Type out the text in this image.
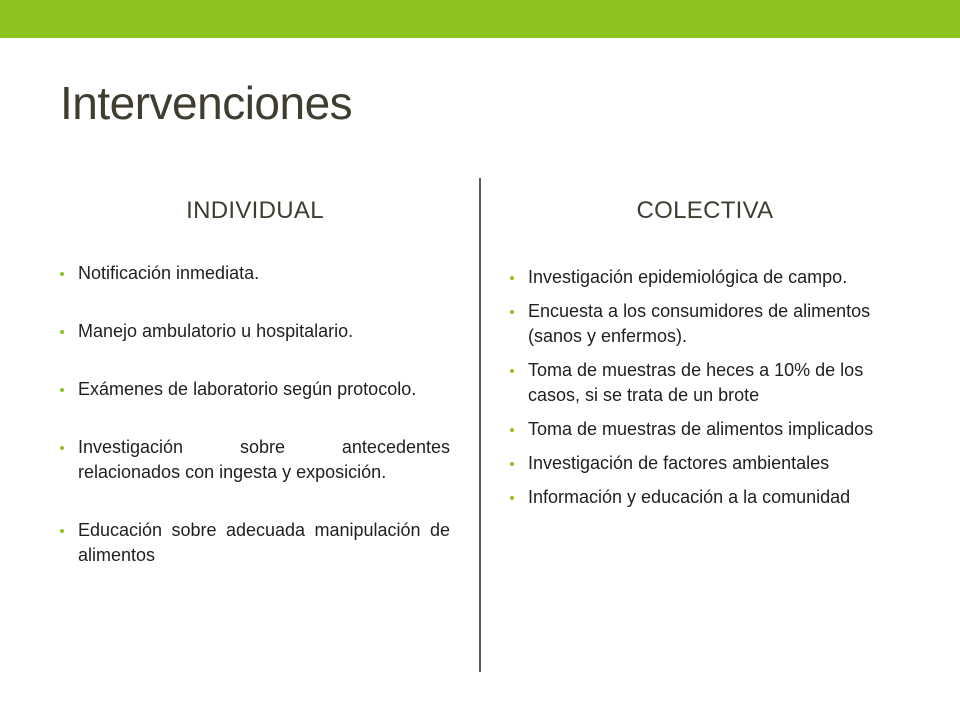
Intervenciones
INDIVIDUAL	COLECTIVA
Notificación inmediata.
Manejo ambulatorio u hospitalario.
Exámenes de laboratorio según protocolo.
Investigación sobre antecedentes relacionados con ingesta y exposición.
Educación sobre adecuada manipulación de alimentos
Investigación epidemiológica de campo.
Encuesta a los consumidores de alimentos (sanos y enfermos).
Toma de muestras de heces a 10% de los casos, si se trata de un brote
Toma de muestras de alimentos implicados
Investigación de factores ambientales
Información y educación a la comunidad
